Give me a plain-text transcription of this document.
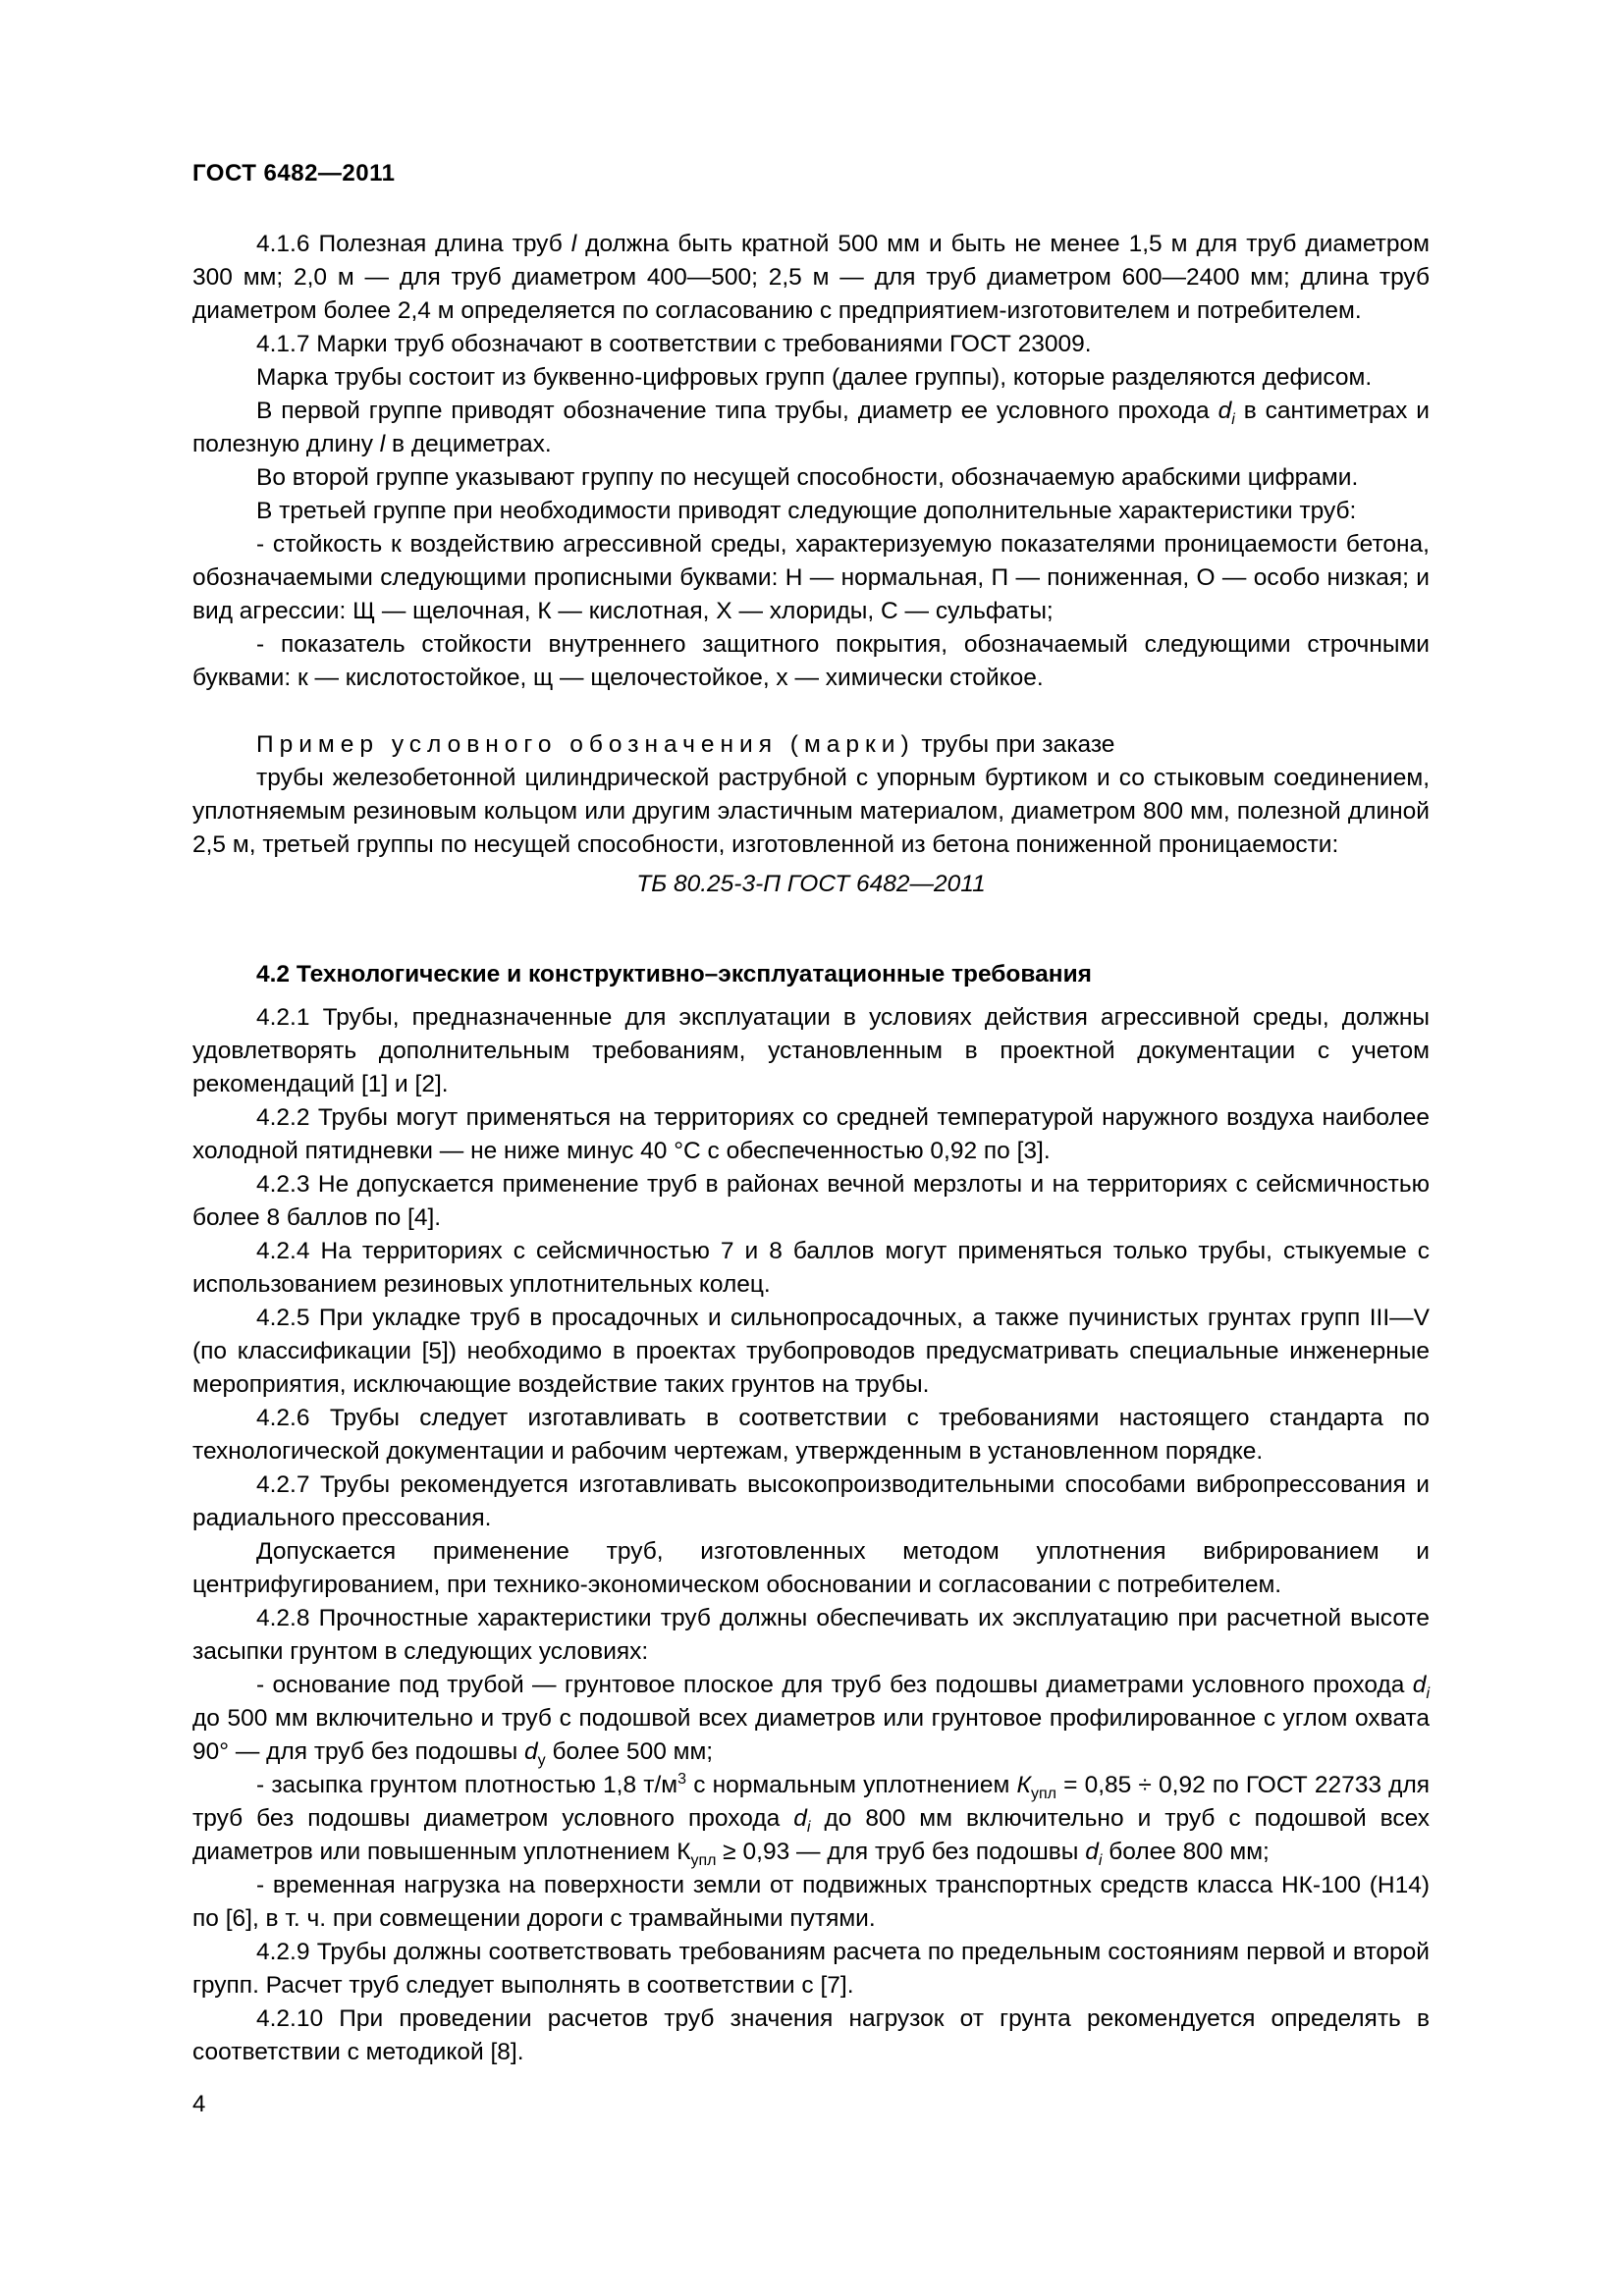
ГОСТ 6482—2011

4.1.6 Полезная длина труб l должна быть кратной 500 мм и быть не менее 1,5 м для труб диаметром 300 мм; 2,0 м — для труб диаметром 400—500; 2,5 м — для труб диаметром 600—2400 мм; длина труб диаметром более 2,4 м определяется по согласованию с предприятием-изготовителем и потребителем.

4.1.7 Марки труб обозначают в соответствии с требованиями ГОСТ 23009.

Марка трубы состоит из буквенно-цифровых групп (далее группы), которые разделяются дефисом.

В первой группе приводят обозначение типа трубы, диаметр ее условного прохода $d_i$ в сантиметрах и полезную длину l в дециметрах.

Во второй группе указывают группу по несущей способности, обозначаемую арабскими цифрами.

В третьей группе при необходимости приводят следующие дополнительные характеристики труб:

- стойкость к воздействию агрессивной среды, характеризуемую показателями проницаемости бетона, обозначаемыми следующими прописными буквами: Н — нормальная, П — пониженная, О — особо низкая; и вид агрессии: Щ — щелочная, К — кислотная, Х — хлориды, С — сульфаты;

- показатель стойкости внутреннего защитного покрытия, обозначаемый следующими строчными буквами: к — кислотостойкое, щ — щелочестойкое, х — химически стойкое.

Пример условного обозначения (марки) трубы при заказе

трубы железобетонной цилиндрической раструбной с упорным буртиком и со стыковым соединением, уплотняемым резиновым кольцом или другим эластичным материалом, диаметром 800 мм, полезной длиной 2,5 м, третьей группы по несущей способности, изготовленной из бетона пониженной проницаемости:

ТБ 80.25-3-П ГОСТ 6482—2011

4.2 Технологические и конструктивно–эксплуатационные требования

4.2.1 Трубы, предназначенные для эксплуатации в условиях действия агрессивной среды, должны удовлетворять дополнительным требованиям, установленным в проектной документации с учетом рекомендаций [1] и [2].

4.2.2 Трубы могут применяться на территориях со средней температурой наружного воздуха наиболее холодной пятидневки — не ниже минус 40 °С с обеспеченностью 0,92 по [3].

4.2.3 Не допускается применение труб в районах вечной мерзлоты и на территориях с сейсмичностью более 8 баллов по [4].

4.2.4 На территориях с сейсмичностью 7 и 8 баллов могут применяться только трубы, стыкуемые с использованием резиновых уплотнительных колец.

4.2.5 При укладке труб в просадочных и сильнопросадочных, а также пучинистых грунтах групп III—V (по классификации [5]) необходимо в проектах трубопроводов предусматривать специальные инженерные мероприятия, исключающие воздействие таких грунтов на трубы.

4.2.6 Трубы следует изготавливать в соответствии с требованиями настоящего стандарта по технологической документации и рабочим чертежам, утвержденным в установленном порядке.

4.2.7 Трубы рекомендуется изготавливать высокопроизводительными способами вибропрессования и радиального прессования.

Допускается применение труб, изготовленных методом уплотнения вибрированием и центрифугированием, при технико-экономическом обосновании и согласовании с потребителем.

4.2.8 Прочностные характеристики труб должны обеспечивать их эксплуатацию при расчетной высоте засыпки грунтом в следующих условиях:

- основание под трубой — грунтовое плоское для труб без подошвы диаметрами условного прохода $d_i$ до 500 мм включительно и труб с подошвой всех диаметров или грунтовое профилированное с углом охвата 90° — для труб без подошвы $d_у$ более 500 мм;

- засыпка грунтом плотностью 1,8 $т/м^3$ с нормальным уплотнением $К_{упл} = 0,85 \div 0,92$ по ГОСТ 22733 для труб без подошвы диаметром условного прохода $d_i$ до 800 мм включительно и труб с подошвой всех диаметров или повышенным уплотнением $К_{упл} \ge 0,93$ — для труб без подошвы $d_i$ более 800 мм;

- временная нагрузка на поверхности земли от подвижных транспортных средств класса НК-100 (Н14) по [6], в т. ч. при совмещении дороги с трамвайными путями.

4.2.9 Трубы должны соответствовать требованиям расчета по предельным состояниям первой и второй групп. Расчет труб следует выполнять в соответствии с [7].

4.2.10 При проведении расчетов труб значения нагрузок от грунта рекомендуется определять в соответствии с методикой [8].

4
